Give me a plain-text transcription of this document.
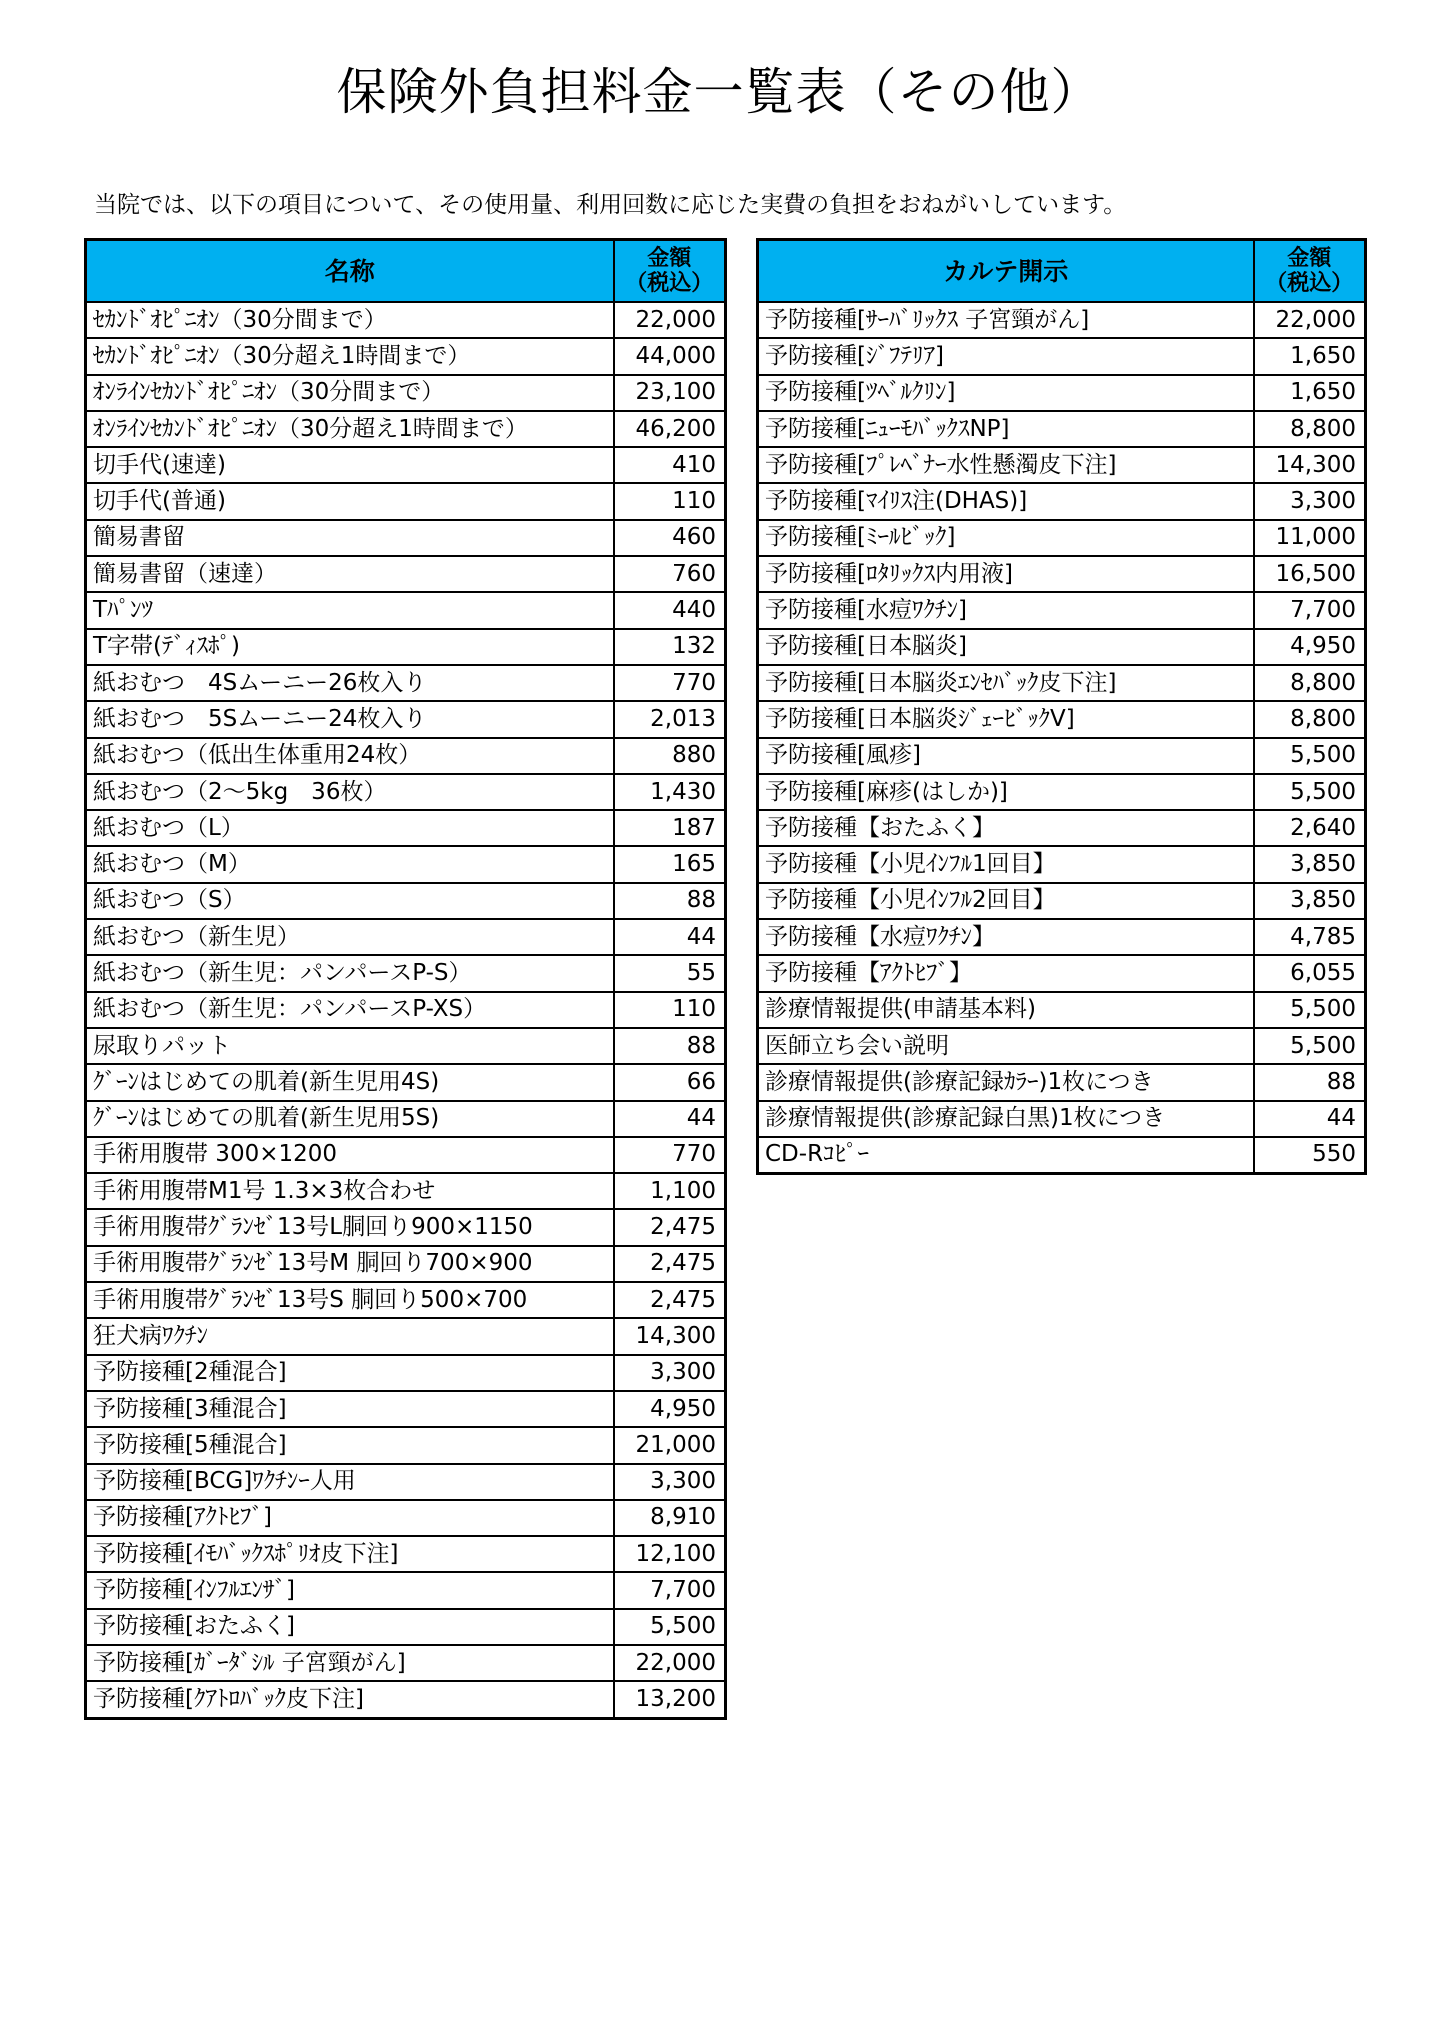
保険外負担料金一覧表（その他）
当院では、以下の項目について、その使用量、利用回数に応じた実費の負担をおねがいしています。
名称	金額
（税込）
ｾｶﾝﾄﾞｵﾋﾟﾆｵﾝ（30分間まで）	22,000
ｾｶﾝﾄﾞｵﾋﾟﾆｵﾝ（30分超え1時間まで）	44,000
ｵﾝﾗｲﾝｾｶﾝﾄﾞｵﾋﾟﾆｵﾝ（30分間まで）	23,100
ｵﾝﾗｲﾝｾｶﾝﾄﾞｵﾋﾟﾆｵﾝ（30分超え1時間まで）	46,200
切手代(速達)	410
切手代(普通)	110
簡易書留	460
簡易書留（速達）	760
Tﾊﾟﾝﾂ	440
T字帯(ﾃﾞｨｽﾎﾟ)	132
紙おむつ　4Sムーニー26枚入り	770
紙おむつ　5Sムーニー24枚入り	2,013
紙おむつ（低出生体重用24枚）	880
紙おむつ（2～5kg　36枚）	1,430
紙おむつ（L）	187
紙おむつ（M）	165
紙おむつ（S）	88
紙おむつ（新生児）	44
紙おむつ（新生児：パンパースP-S）	55
紙おむつ（新生児：パンパースP-XS）	110
尿取りパット	88
ｸﾞｰﾝはじめての肌着(新生児用4S)	66
ｸﾞｰﾝはじめての肌着(新生児用5S)	44
手術用腹帯 300×1200	770
手術用腹帯M1号 1.3×3枚合わせ	1,100
手術用腹帯ｸﾞﾗﾝｾﾞ13号L胴回り900×1150	2,475
手術用腹帯ｸﾞﾗﾝｾﾞ13号M 胴回り700×900	2,475
手術用腹帯ｸﾞﾗﾝｾﾞ13号S 胴回り500×700	2,475
狂犬病ﾜｸﾁﾝ	14,300
予防接種[2種混合]	3,300
予防接種[3種混合]	4,950
予防接種[5種混合]	21,000
予防接種[BCG]ﾜｸﾁﾝｰ人用	3,300
予防接種[ｱｸﾄﾋﾌﾞ]	8,910
予防接種[ｲﾓﾊﾞｯｸｽﾎﾟﾘｵ皮下注]	12,100
予防接種[ｲﾝﾌﾙｴﾝｻﾞ]	7,700
予防接種[おたふく]	5,500
予防接種[ｶﾞｰﾀﾞｼﾙ 子宮頸がん]	22,000
予防接種[ｸｱﾄﾛﾊﾞｯｸ皮下注]	13,200
カルテ開示	金額
（税込）
予防接種[ｻｰﾊﾞﾘｯｸｽ 子宮頸がん]	22,000
予防接種[ｼﾞﾌﾃﾘｱ]	1,650
予防接種[ﾂﾍﾞﾙｸﾘﾝ]	1,650
予防接種[ﾆｭｰﾓﾊﾞｯｸｽNP]	8,800
予防接種[ﾌﾟﾚﾍﾞﾅｰ水性懸濁皮下注]	14,300
予防接種[ﾏｲﾘｽ注(DHAS)]	3,300
予防接種[ﾐｰﾙﾋﾞｯｸ]	11,000
予防接種[ﾛﾀﾘｯｸｽ内用液]	16,500
予防接種[水痘ﾜｸﾁﾝ]	7,700
予防接種[日本脳炎]	4,950
予防接種[日本脳炎ｴﾝｾﾊﾞｯｸ皮下注]	8,800
予防接種[日本脳炎ｼﾞｪｰﾋﾞｯｸV]	8,800
予防接種[風疹]	5,500
予防接種[麻疹(はしか)]	5,500
予防接種【おたふく】	2,640
予防接種【小児ｲﾝﾌﾙ1回目】	3,850
予防接種【小児ｲﾝﾌﾙ2回目】	3,850
予防接種【水痘ﾜｸﾁﾝ】	4,785
予防接種【ｱｸﾄﾋﾌﾞ】	6,055
診療情報提供(申請基本料)	5,500
医師立ち会い説明	5,500
診療情報提供(診療記録ｶﾗｰ)1枚につき	88
診療情報提供(診療記録白黒)1枚につき	44
CD-Rｺﾋﾟｰ	550
